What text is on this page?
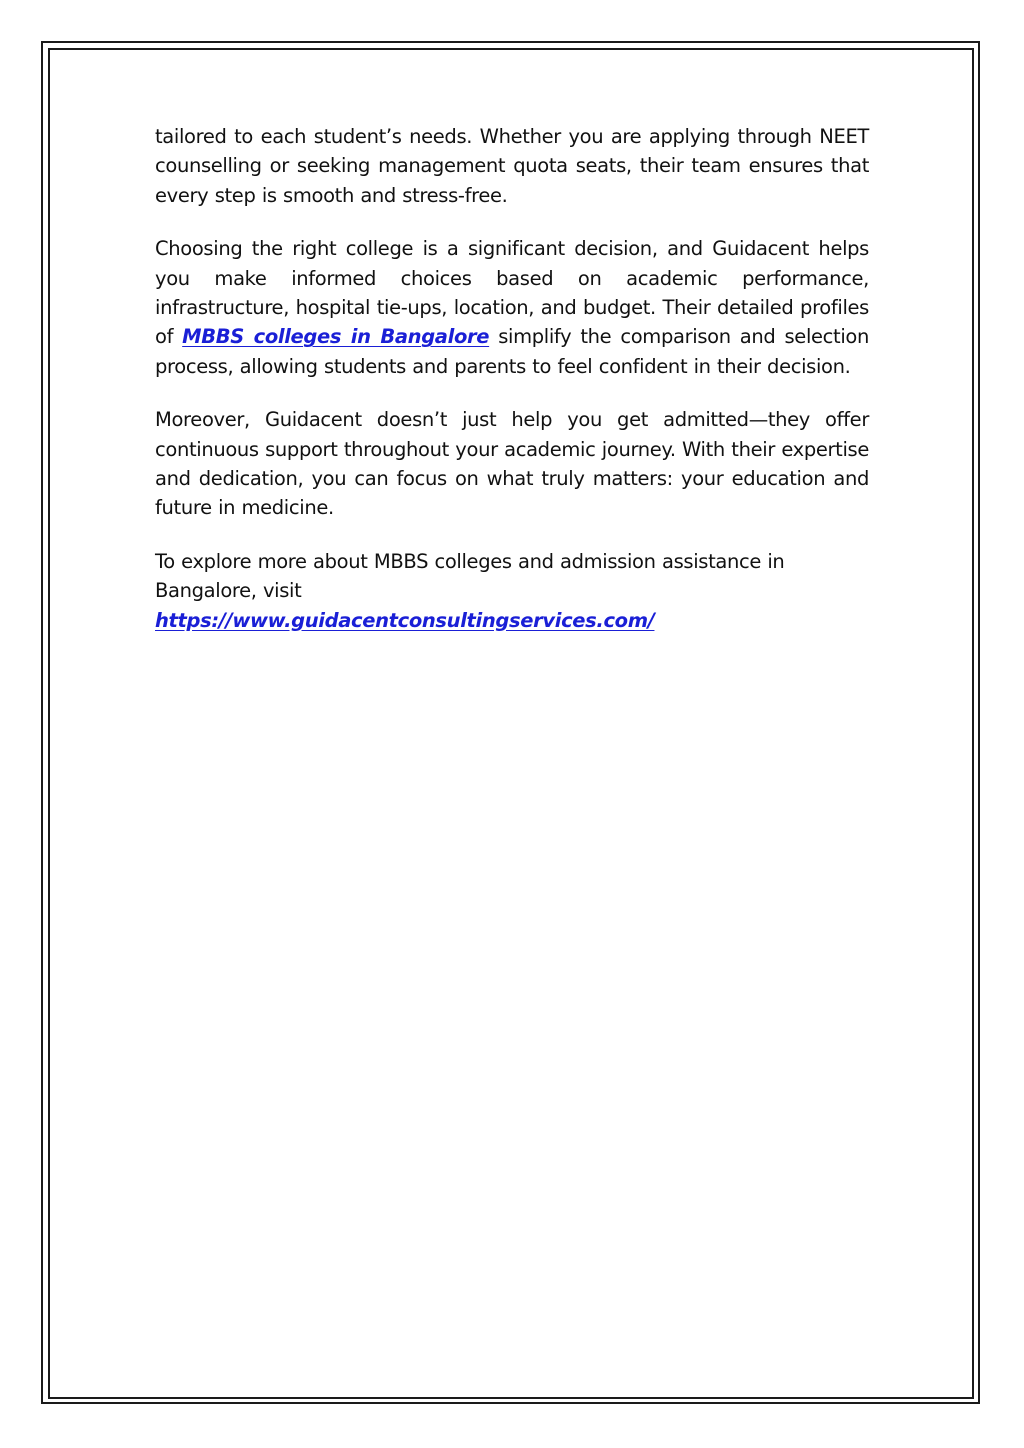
tailored to each student’s needs. Whether you are applying through NEET counselling or seeking management quota seats, their team ensures that every step is smooth and stress-free.

Choosing the right college is a significant decision, and Guidacent helps you make informed choices based on academic performance, infrastructure, hospital tie-ups, location, and budget. Their detailed profiles of MBBS colleges in Bangalore simplify the comparison and selection process, allowing students and parents to feel confident in their decision.

Moreover, Guidacent doesn’t just help you get admitted—they offer continuous support throughout your academic journey. With their expertise and dedication, you can focus on what truly matters: your education and future in medicine.

To explore more about MBBS colleges and admission assistance in Bangalore, visit
https://www.guidacentconsultingservices.com/
